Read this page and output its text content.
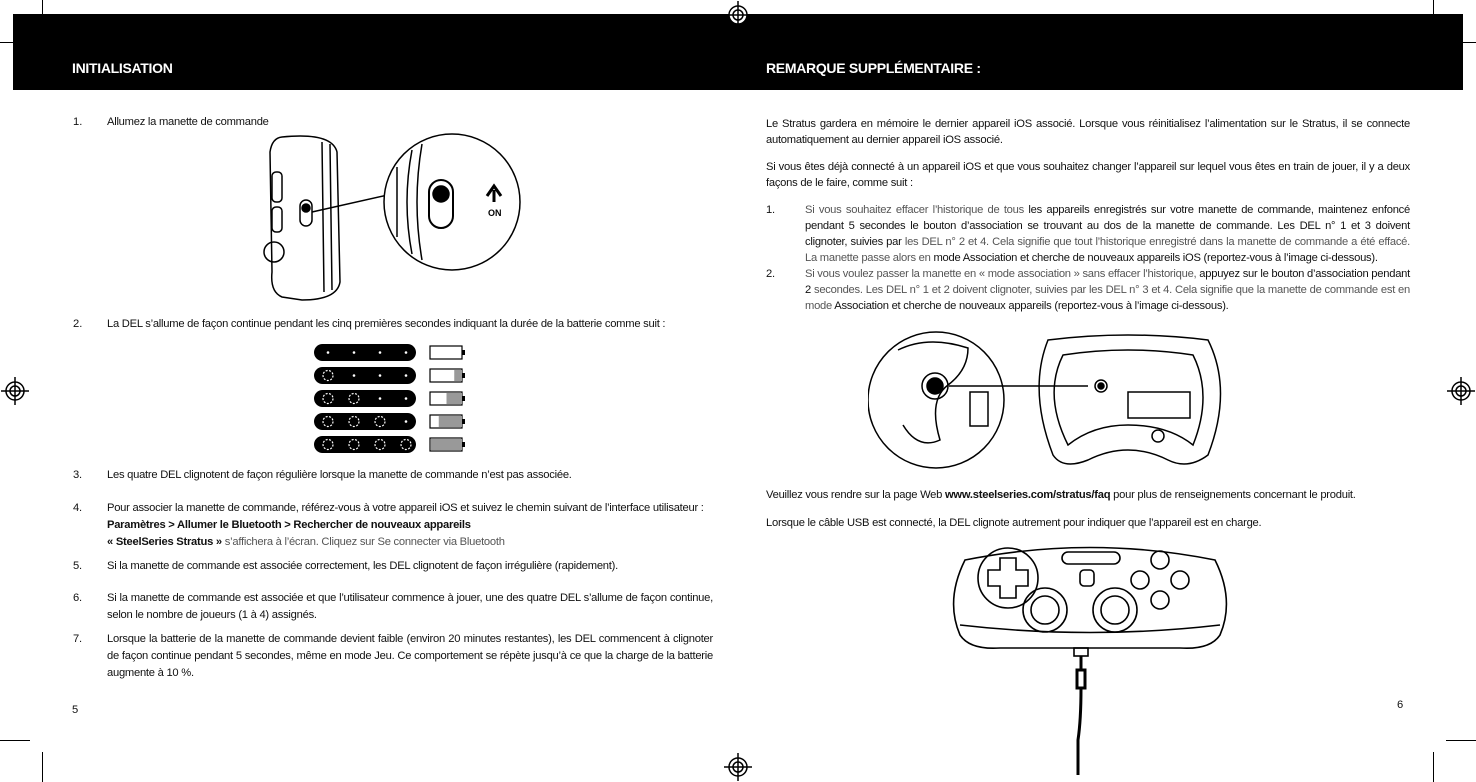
INITIALISATION	REMARQUE SUPPLÉMENTAIRE :
1. Allumez la manette de commande
ON
2. La DEL s’allume de façon continue pendant les cinq premières secondes indiquant la durée de la batterie comme suit :
3.	Les quatre DEL clignotent de façon régulière lorsque la manette de commande n’est pas associée.
4.	Pour associer la manette de commande, référez-vous à votre appareil iOS et suivez le chemin suivant de l’interface utilisateur :
Paramètres > Allumer le Bluetooth > Rechercher de nouveaux appareils
« SteelSeries Stratus » s’affichera à l’écran. Cliquez sur Se connecter via Bluetooth
5.	Si la manette de commande est associée correctement, les DEL clignotent de façon irrégulière (rapidement).
6.	Si la manette de commande est associée et que l’utilisateur commence à jouer, une des quatre DEL s’allume de façon continue, selon le nombre de joueurs (1 à 4) assignés.
7.	Lorsque la batterie de la manette de commande devient faible (environ 20 minutes restantes), les DEL commencent à clignoter de façon continue pendant 5 secondes, même en mode Jeu. Ce comportement se répète jusqu’à ce que la charge de la batterie augmente à 10 %.
5
Le Stratus gardera en mémoire le dernier appareil iOS associé. Lorsque vous réinitialisez l’alimentation sur le Stratus, il se connecte automatiquement au dernier appareil iOS associé.
Si vous êtes déjà connecté à un appareil iOS et que vous souhaitez changer l’appareil sur lequel vous êtes en train de jouer, il y a deux façons de le faire, comme suit :
1.	Si vous souhaitez effacer l’historique de tous les appareils enregistrés sur votre manette de commande, maintenez enfoncé pendant 5 secondes le bouton d’association se trouvant au dos de la manette de commande. Les DEL n° 1 et 3 doivent clignoter, suivies par les DEL n° 2 et 4. Cela signifie que tout l’historique enregistré dans la manette de commande a été effacé. La manette passe alors en mode Association et cherche de nouveaux appareils iOS (reportez-vous à l’image ci-dessous).
2.	Si vous voulez passer la manette en « mode association » sans effacer l’historique, appuyez sur le bouton d’association pendant 2 secondes. Les DEL n° 1 et 2 doivent clignoter, suivies par les DEL n° 3 et 4. Cela signifie que la manette de commande est en mode Association et cherche de nouveaux appareils (reportez-vous à l’image ci-dessous).
Veuillez vous rendre sur la page Web www.steelseries.com/stratus/faq pour plus de renseignements concernant le produit.
Lorsque le câble USB est connecté, la DEL clignote autrement pour indiquer que l’appareil est en charge.
6
